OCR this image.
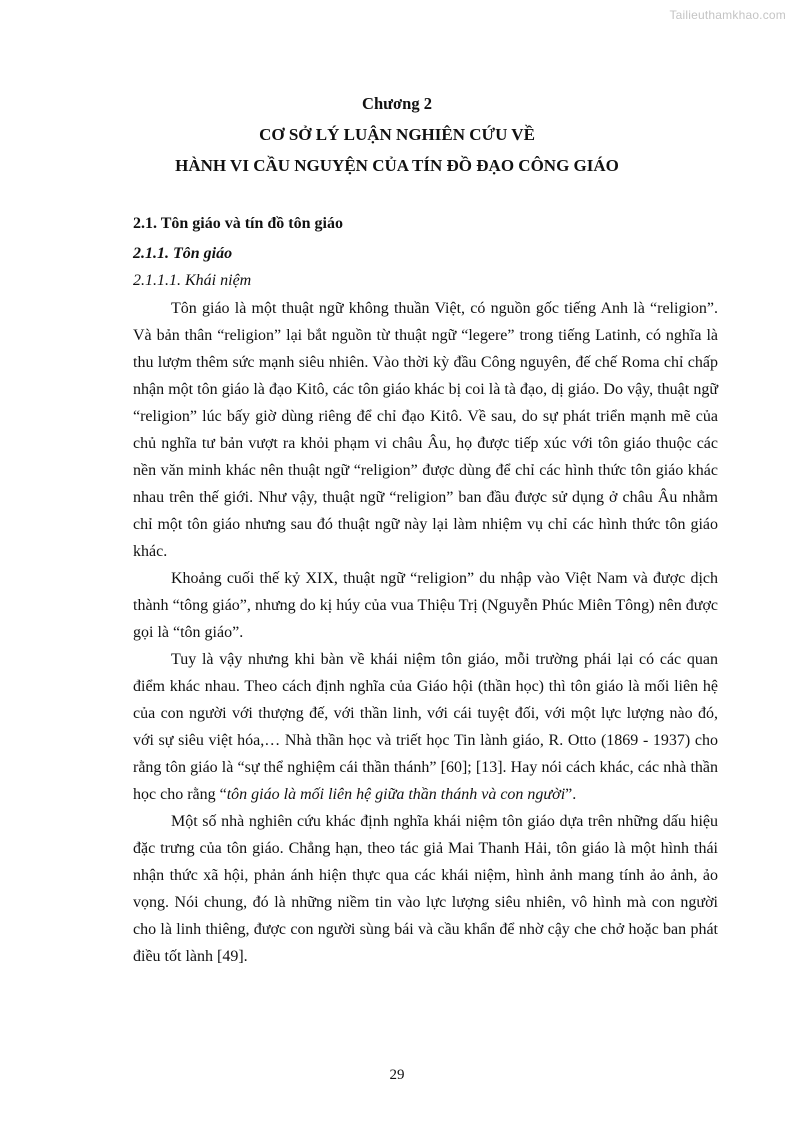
Tailieuthamkhao.com
Chương 2
CƠ SỞ LÝ LUẬN NGHIÊN CỨU VỀ
HÀNH VI CẦU NGUYỆN CỦA TÍN ĐỒ ĐẠO CÔNG GIÁO
2.1. Tôn giáo và tín đồ tôn giáo
2.1.1. Tôn giáo
2.1.1.1. Khái niệm

Tôn giáo là một thuật ngữ không thuần Việt, có nguồn gốc tiếng Anh là “religion”. Và bản thân “religion” lại bắt nguồn từ thuật ngữ “legere” trong tiếng Latinh, có nghĩa là thu lượm thêm sức mạnh siêu nhiên. Vào thời kỳ đầu Công nguyên, đế chế Roma chỉ chấp nhận một tôn giáo là đạo Kitô, các tôn giáo khác bị coi là tà đạo, dị giáo. Do vậy, thuật ngữ “religion” lúc bấy giờ dùng riêng để chỉ đạo Kitô. Về sau, do sự phát triển mạnh mẽ của chủ nghĩa tư bản vượt ra khỏi phạm vi châu Âu, họ được tiếp xúc với tôn giáo thuộc các nền văn minh khác nên thuật ngữ “religion” được dùng để chỉ các hình thức tôn giáo khác nhau trên thế giới. Như vậy, thuật ngữ “religion” ban đầu được sử dụng ở châu Âu nhằm chỉ một tôn giáo nhưng sau đó thuật ngữ này lại làm nhiệm vụ chỉ các hình thức tôn giáo khác.

Khoảng cuối thế kỷ XIX, thuật ngữ “religion” du nhập vào Việt Nam và được dịch thành “tông giáo”, nhưng do kị húy của vua Thiệu Trị (Nguyễn Phúc Miên Tông) nên được gọi là “tôn giáo”.

Tuy là vậy nhưng khi bàn về khái niệm tôn giáo, mỗi trường phái lại có các quan điểm khác nhau. Theo cách định nghĩa của Giáo hội (thần học) thì tôn giáo là mối liên hệ của con người với thượng đế, với thần linh, với cái tuyệt đối, với một lực lượng nào đó, với sự siêu việt hóa,… Nhà thần học và triết học Tin lành giáo, R. Otto (1869 - 1937) cho rằng tôn giáo là “sự thể nghiệm cái thần thánh” [60]; [13]. Hay nói cách khác, các nhà thần học cho rằng “tôn giáo là mối liên hệ giữa thần thánh và con người”.

Một số nhà nghiên cứu khác định nghĩa khái niệm tôn giáo dựa trên những dấu hiệu đặc trưng của tôn giáo. Chẳng hạn, theo tác giả Mai Thanh Hải, tôn giáo là một hình thái nhận thức xã hội, phản ánh hiện thực qua các khái niệm, hình ảnh mang tính ảo ảnh, ảo vọng. Nói chung, đó là những niềm tin vào lực lượng siêu nhiên, vô hình mà con người cho là linh thiêng, được con người sùng bái và cầu khẩn để nhờ cậy che chở hoặc ban phát điều tốt lành [49].

29
